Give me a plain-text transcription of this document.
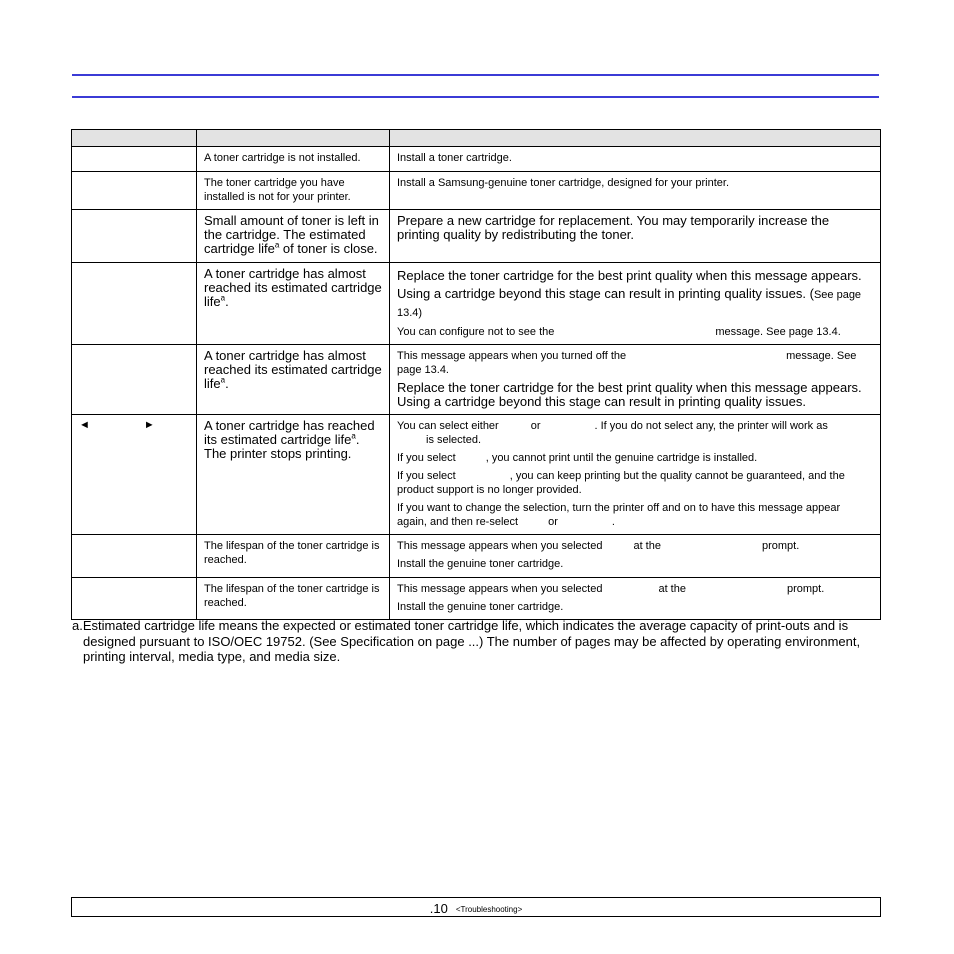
	A toner cartridge is not installed.	Install a toner cartridge.

	The toner cartridge you have installed is not for your printer.	Install a Samsung-genuine toner cartridge, designed for your printer.

	Small amount of toner is left in the cartridge. The estimated cartridge life$^a$ of toner is close.	Prepare a new cartridge for replacement. You may temporarily increase the printing quality by redistributing the toner.

	A toner cartridge has almost reached its estimated cartridge life$^a$.	Replace the toner cartridge for the best print quality when this message appears. Using a cartridge beyond this stage can result in printing quality issues. (See page 13.4)

You can configure not to see the message. See page 13.4.

	A toner cartridge has almost reached its estimated cartridge life$^a$.	This message appears when you turned off the message. See page 13.4.

Replace the toner cartridge for the best print quality when this message appears. Using a cartridge beyond this stage can result in printing quality issues.

◄ ►	A toner cartridge has reached its estimated cartridge life$^a$. The printer stops printing.	You can select either or . If you do not select any, the printer will work as
is selected.

If you select , you cannot print until the genuine cartridge is installed.

If you select , you can keep printing but the quality cannot be guaranteed, and the product support is no longer provided.

If you want to change the selection, turn the printer off and on to have this message appear again, and then re-select or .

	The lifespan of the toner cartridge is reached.	This message appears when you selected at the prompt.

Install the genuine toner cartridge.

	The lifespan of the toner cartridge is reached.	This message appears when you selected at the prompt.

Install the genuine toner cartridge.

a.Estimated cartridge life means the expected or estimated toner cartridge life, which indicates the average capacity of print-outs and is designed pursuant to ISO/OEC 19752. (See Specification on page ...) The number of pages may be affected by operating environment, printing interval, media type, and media size.
.10 <Troubleshooting>
